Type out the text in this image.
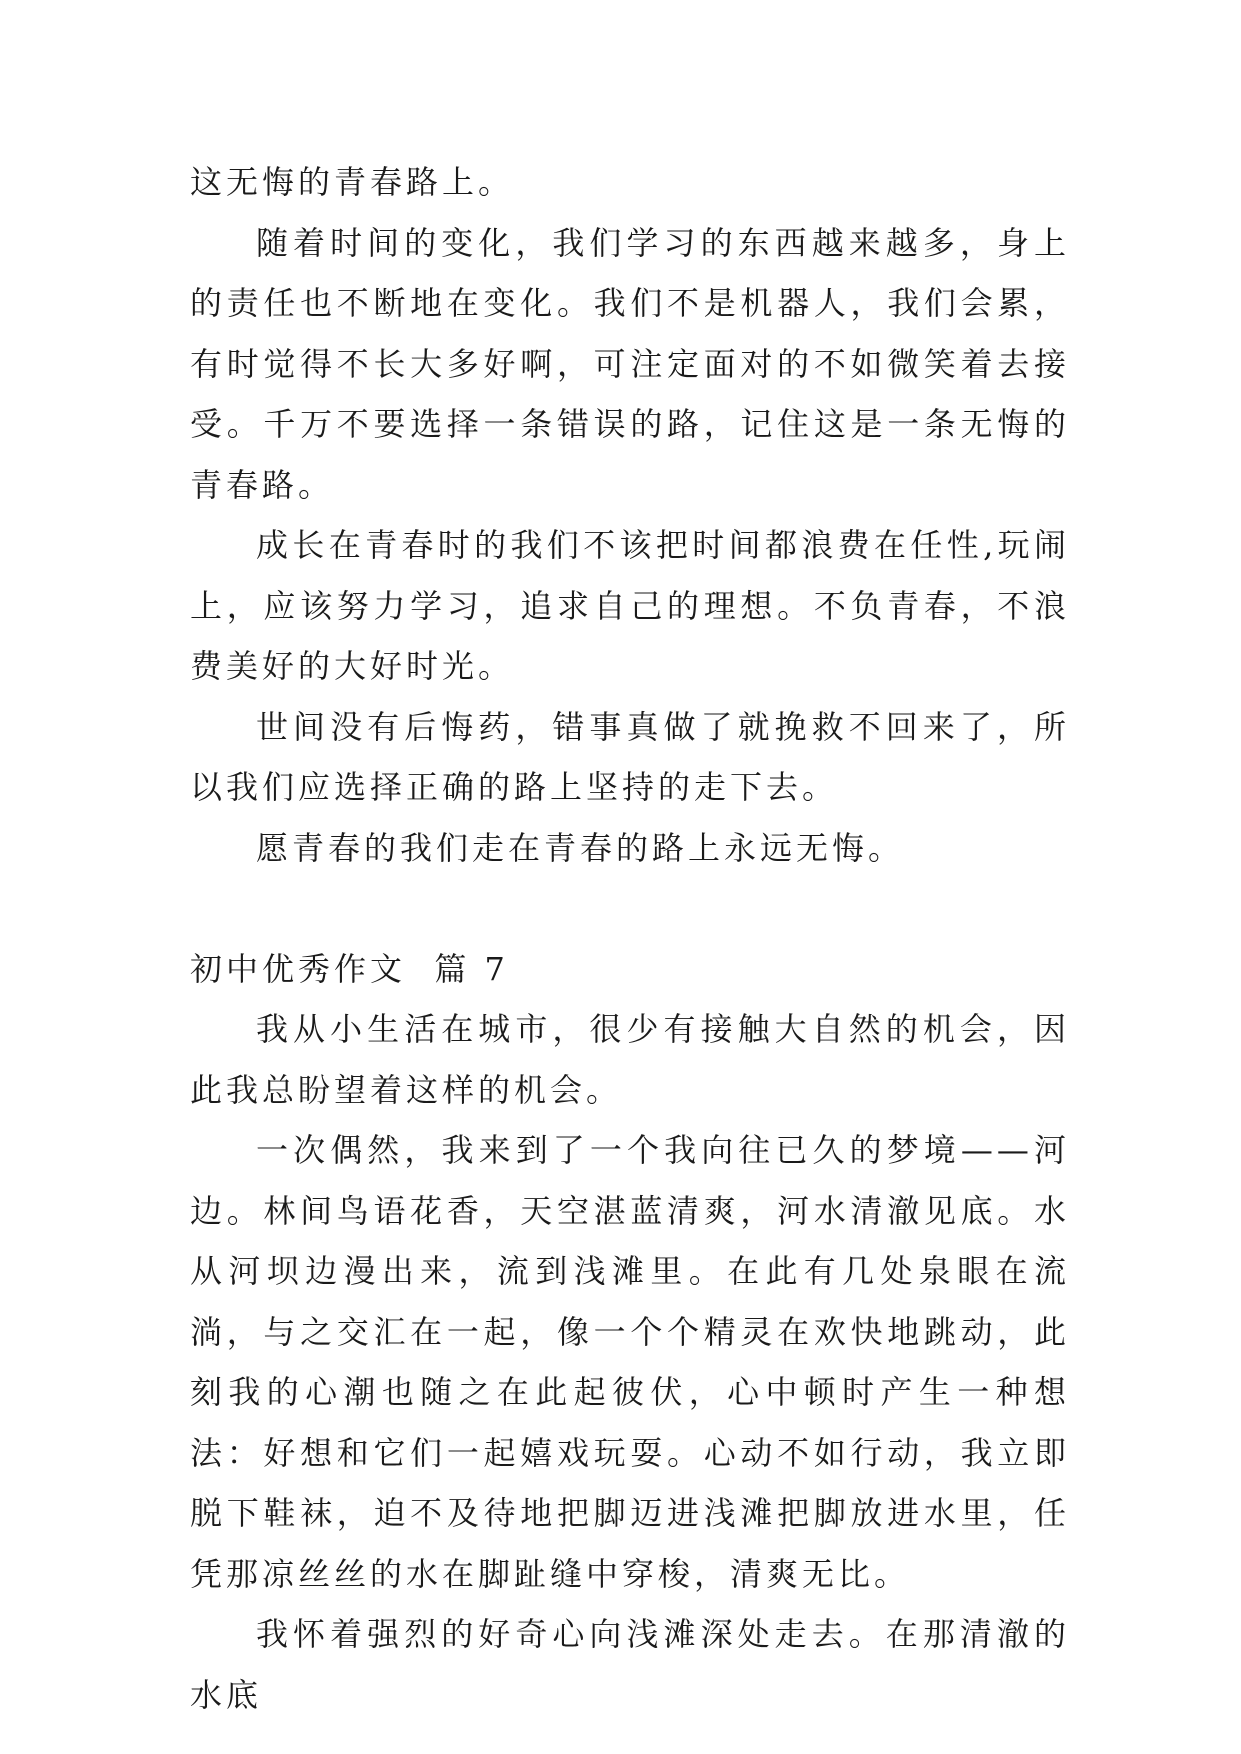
这无悔的青春路上。

随着时间的变化，我们学习的东西越来越多，身上的责任也不断地在变化。我们不是机器人，我们会累，有时觉得不长大多好啊，可注定面对的不如微笑着去接受。千万不要选择一条错误的路，记住这是一条无悔的青春路。

成长在青春时的我们不该把时间都浪费在任性,玩闹上，应该努力学习，追求自己的理想。不负青春，不浪费美好的大好时光。

世间没有后悔药，错事真做了就挽救不回来了，所以我们应选择正确的路上坚持的走下去。

愿青春的我们走在青春的路上永远无悔。

初中优秀作文  篇 7

我从小生活在城市，很少有接触大自然的机会，因此我总盼望着这样的机会。

一次偶然，我来到了一个我向往已久的梦境——河边。林间鸟语花香，天空湛蓝清爽，河水清澈见底。水从河坝边漫出来，流到浅滩里。在此有几处泉眼在流淌，与之交汇在一起，像一个个精灵在欢快地跳动，此刻我的心潮也随之在此起彼伏，心中顿时产生一种想法：好想和它们一起嬉戏玩耍。心动不如行动，我立即脱下鞋袜，迫不及待地把脚迈进浅滩把脚放进水里，任凭那凉丝丝的水在脚趾缝中穿梭，清爽无比。

我怀着强烈的好奇心向浅滩深处走去。在那清澈的水底
